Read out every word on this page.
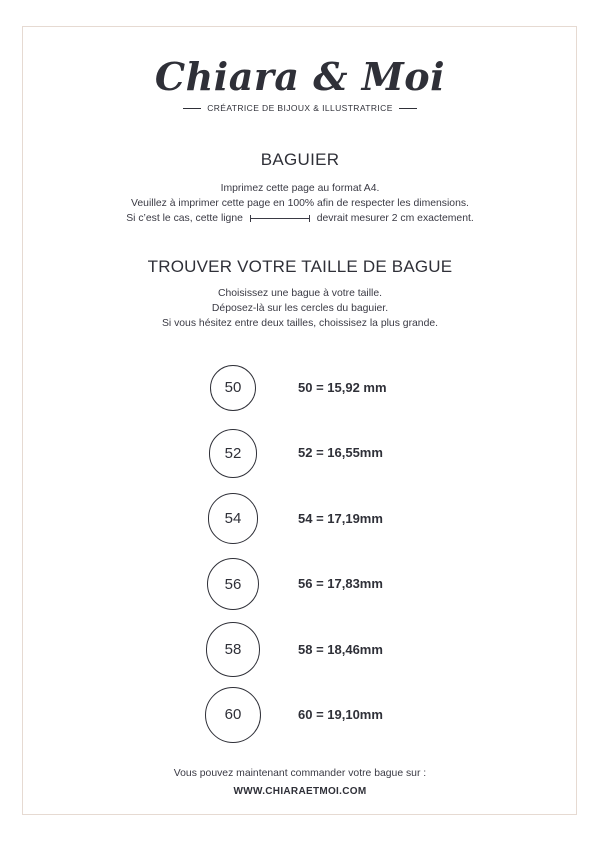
Chiara & Moi
CRÉATRICE DE BIJOUX & ILLUSTRATRICE
BAGUIER
Imprimez cette page au format A4.
Veuillez à imprimer cette page en 100% afin de respecter les dimensions.
Si c’est le cas, cette ligne	devrait mesurer 2 cm exactement.
TROUVER VOTRE TAILLE DE BAGUE
Choisissez une bague à votre taille.
Déposez-là sur les cercles du baguier.
Si vous hésitez entre deux tailles, choissisez la plus grande.
50	50 = 15,92 mm
52	52 = 16,55mm
54	54 = 17,19mm
56	56 = 17,83mm
58	58 = 18,46mm
60	60 = 19,10mm
Vous pouvez maintenant commander votre bague sur :
WWW.CHIARAETMOI.COM
